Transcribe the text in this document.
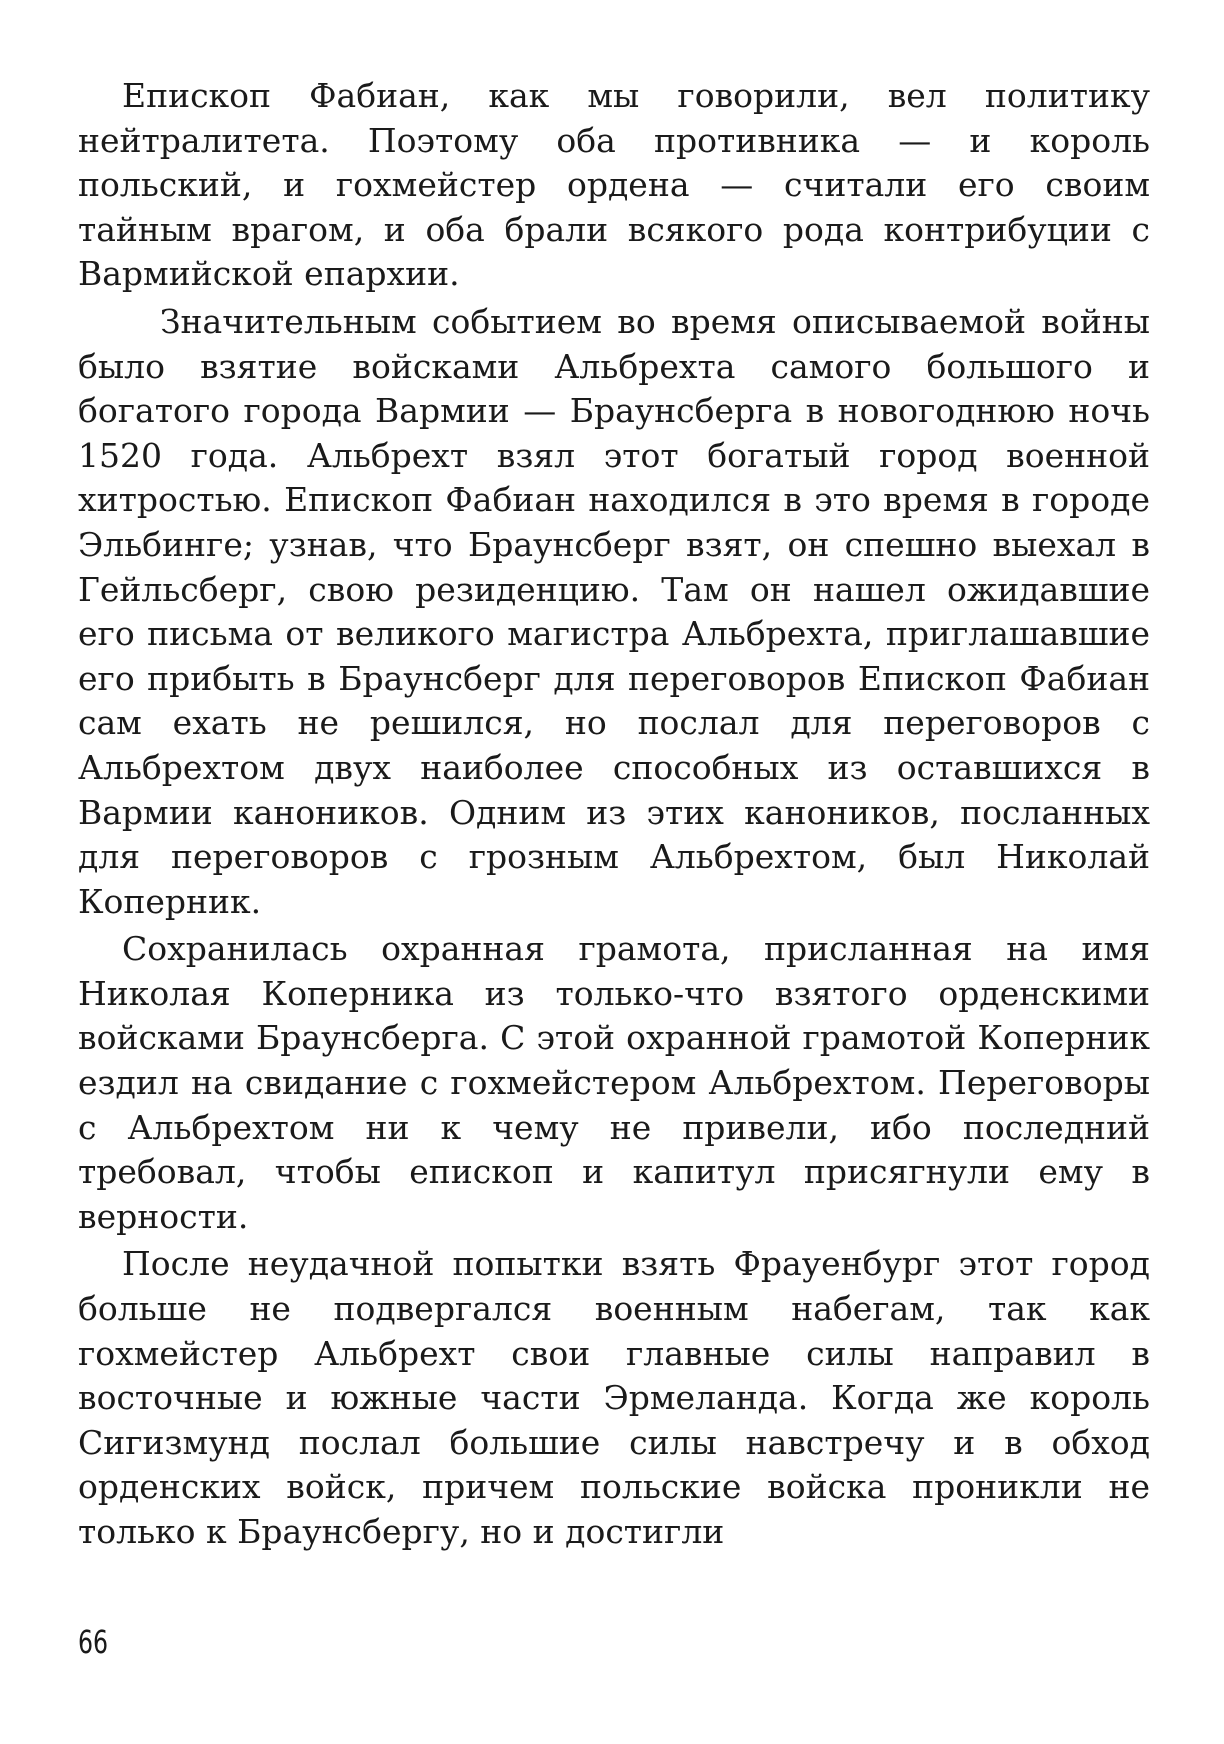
Епископ Фабиан, как мы говорили, вел политику нейтралитета. Поэтому оба противника — и король польский, и гохмейстер ордена — считали его своим тайным врагом, и оба брали всякого рода контрибуции с Вармийской епархии.

Значительным событием во время описываемой войны было взятие войсками Альбрехта самого большого и богатого города Вармии — Браунсберга в новогоднюю ночь 1520 года. Альбрехт взял этот богатый город военной хитростью. Епископ Фабиан находился в это время в городе Эльбинге; узнав, что Браунсберг взят, он спешно выехал в Гейльсберг, свою резиденцию. Там он нашел ожидавшие его письма от великого магистра Альбрехта, приглашавшие его прибыть в Браунсберг для переговоров Епископ Фабиан сам ехать не решился, но послал для переговоров с Альбрехтом двух наиболее способных из оставшихся в Вармии каноников. Одним из этих каноников, посланных для переговоров с грозным Альбрехтом, был Николай Коперник.

Сохранилась охранная грамота, присланная на имя Николая Коперника из только-что взятого орденскими войсками Браунсберга. С этой охранной грамотой Коперник ездил на свидание с гохмейстером Альбрехтом. Переговоры с Альбрехтом ни к чему не привели, ибо последний требовал, чтобы епископ и капитул присягнули ему в верности.

После неудачной попытки взять Фрауенбург этот город больше не подвергался военным набегам, так как гохмейстер Альбрехт свои главные силы направил в восточные и южные части Эрмеланда. Когда же король Сигизмунд послал большие силы навстречу и в обход орденских войск, причем польские войска проникли не только к Браунсбергу, но и достигли

66
